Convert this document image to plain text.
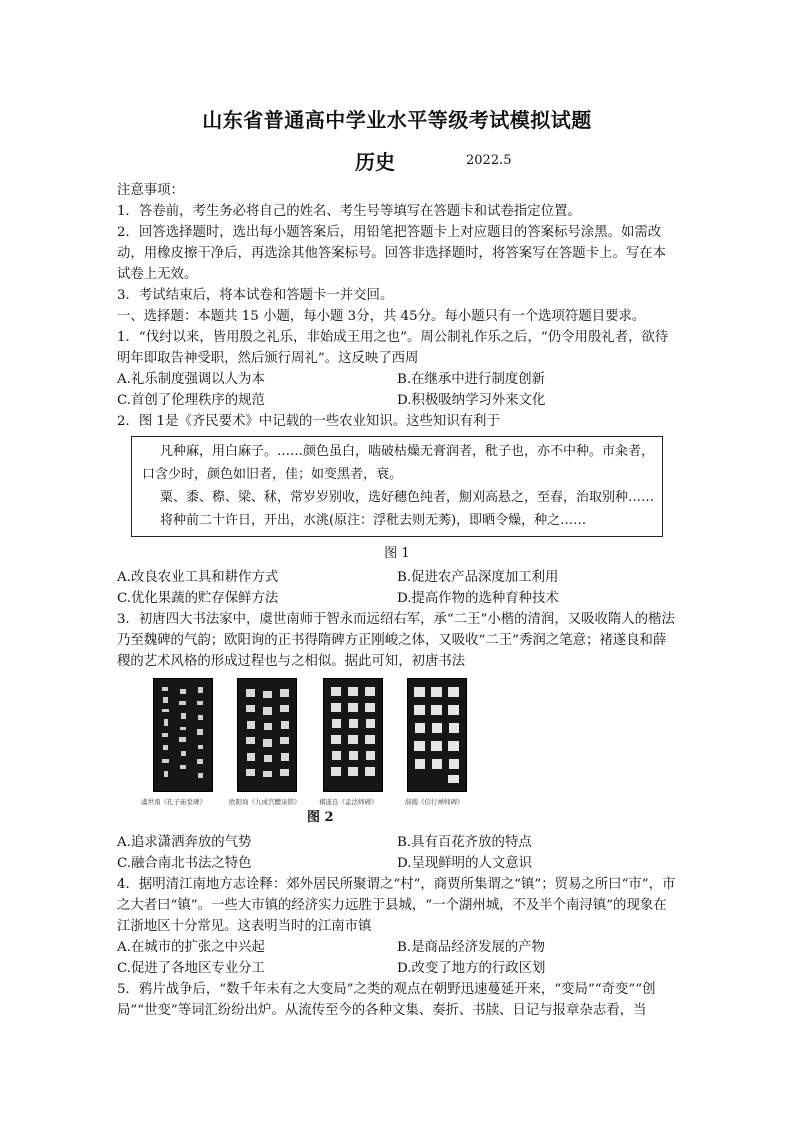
山东省普通高中学业水平等级考试模拟试题
历史	2022.5
注意事项：
1．答卷前，考生务必将自己的姓名、考生号等填写在答题卡和试卷指定位置。
2．回答选择题时，选出每小题答案后，用铅笔把答题卡上对应题目的答案标号涂黑。如需改动，用橡皮擦干净后，再选涂其他答案标号。回答非选择题时，将答案写在答题卡上。写在本试卷上无效。
3．考试结束后，将本试卷和答题卡一并交回。
一、选择题：本题共 15 小题，每小题 3分，共 45分。每小题只有一个选项符题目要求。
1．“伐纣以来，皆用殷之礼乐，非始成王用之也”。周公制礼作乐之后，“仍令用殷礼者，欲待明年即取告神受职，然后颁行周礼”。这反映了西周
A.礼乐制度强调以人为本	B.在继承中进行制度创新
C.首创了伦理秩序的规范	D.积极吸纳学习外来文化
2．图 1是《齐民要术》中记载的一些农业知识。这些知识有利于
凡种麻，用白麻子。……颜色虽白，啮破枯燥无膏润者，秕子也，亦不中种。市籴者，
口含少时，颜色如旧者，佳；如变黑者，衰。
粟、黍、穄、梁、秫，常岁岁别收，选好穗色纯者，劁刈高悬之，至春，治取别种……
将种前二十许日，开出，水洮(原注：浮秕去则无莠)，即晒令燥，种之……
图 1
A.改良农业工具和耕作方式	B.促进农产品深度加工利用
C.优化果蔬的贮存保鲜方法	D.提高作物的选种育种技术
3．初唐四大书法家中，虞世南师于智永而远绍右军，承“二王”小楷的清润，又吸收隋人的楷法乃至魏碑的气韵；欧阳询的正书得隋碑方正刚峻之体，又吸收“二王”秀润之笔意；褚遂良和薛稷的艺术风格的形成过程也与之相似。据此可知，初唐书法
虞世南《孔子庙堂碑》	欧阳询《九成宫醴泉铭》	褚遂良《孟法师碑》	薛稷《信行禅师碑》
图 2
A.追求潇洒奔放的气势	B.具有百花齐放的特点
C.融合南北书法之特色	D.呈现鲜明的人文意识
4．据明清江南地方志诠释：郊外居民所聚谓之“村”，商贾所集谓之“镇”；贸易之所曰“市”，市之大者曰“镇”。一些大市镇的经济实力远胜于县城，“一个湖州城，不及半个南浔镇”的现象在江浙地区十分常见。这表明当时的江南市镇
A.在城市的扩张之中兴起	B.是商品经济发展的产物
C.促进了各地区专业分工	D.改变了地方的行政区划
5．鸦片战争后，“数千年未有之大变局”之类的观点在朝野迅速蔓延开来，“变局”“奇变”“创局”“世变”等词汇纷纷出炉。从流传至今的各种文集、奏折、书牍、日记与报章杂志看，当
